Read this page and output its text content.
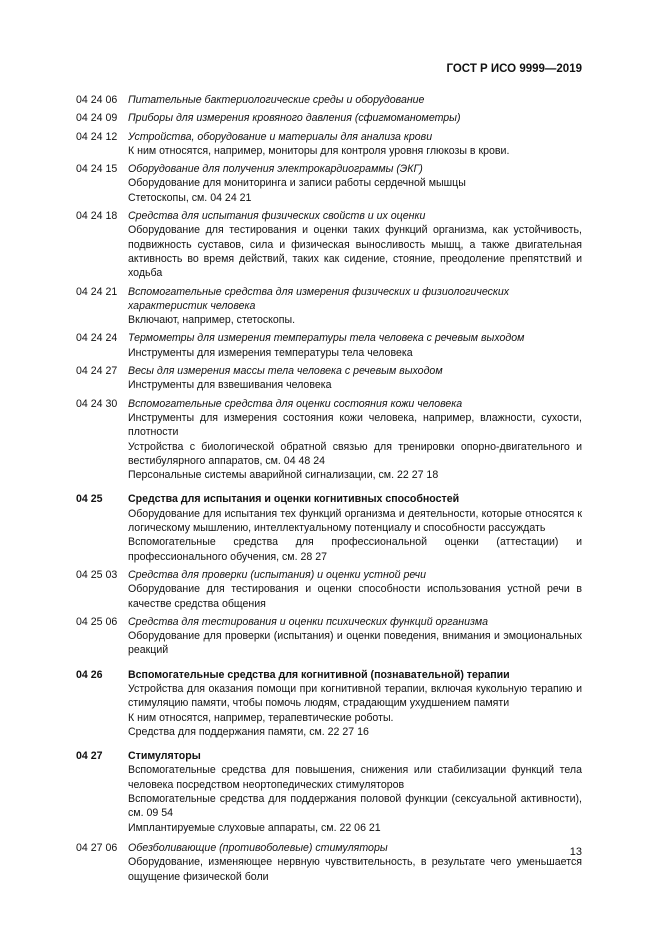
ГОСТ Р ИСО 9999—2019
04 24 06	Питательные бактериологические среды и оборудование
04 24 09	Приборы для измерения кровяного давления (сфигмоманометры)
04 24 12	Устройства, оборудование и материалы для анализа крови
К ним относятся, например, мониторы для контроля уровня глюкозы в крови.
04 24 15	Оборудование для получения электрокардиограммы (ЭКГ)
Оборудование для мониторинга и записи работы сердечной мышцы
Стетоскопы, см. 04 24 21
04 24 18	Средства для испытания физических свойств и их оценки
Оборудование для тестирования и оценки таких функций организма, как устойчивость, подвижность суставов, сила и физическая выносливость мышц, а также двигательная активность во время действий, таких как сидение, стояние, преодоление препятствий и ходьба
04 24 21	Вспомогательные средства для измерения физических и физиологических характеристик человека
Включают, например, стетоскопы.
04 24 24	Термометры для измерения температуры тела человека с речевым выходом
Инструменты для измерения температуры тела человека
04 24 27	Весы для измерения массы тела человека с речевым выходом
Инструменты для взвешивания человека
04 24 30	Вспомогательные средства для оценки состояния кожи человека
Инструменты для измерения состояния кожи человека, например, влажности, сухости, плотности
Устройства с биологической обратной связью для тренировки опорно-двигательного и вестибулярного аппаратов, см. 04 48 24
Персональные системы аварийной сигнализации, см. 22 27 18
04 25	Средства для испытания и оценки когнитивных способностей
Оборудование для испытания тех функций организма и деятельности, которые относятся к логическому мышлению, интеллектуальному потенциалу и способности рассуждать
Вспомогательные средства для профессиональной оценки (аттестации) и профессионального обучения, см. 28 27
04 25 03	Средства для проверки (испытания) и оценки устной речи
Оборудование для тестирования и оценки способности использования устной речи в качестве средства общения
04 25 06	Средства для тестирования и оценки психических функций организма
Оборудование для проверки (испытания) и оценки поведения, внимания и эмоциональных реакций
04 26	Вспомогательные средства для когнитивной (познавательной) терапии
Устройства для оказания помощи при когнитивной терапии, включая кукольную терапию и стимуляцию памяти, чтобы помочь людям, страдающим ухудшением памяти
К ним относятся, например, терапевтические роботы.
Средства для поддержания памяти, см. 22 27 16
04 27	Стимуляторы
Вспомогательные средства для повышения, снижения или стабилизации функций тела человека посредством неортопедических стимуляторов
Вспомогательные средства для поддержания половой функции (сексуальной активности), см. 09 54
Имплантируемые слуховые аппараты, см. 22 06 21
04 27 06	Обезболивающие (противоболевые) стимуляторы
Оборудование, изменяющее нервную чувствительность, в результате чего уменьшается ощущение физической боли
13
